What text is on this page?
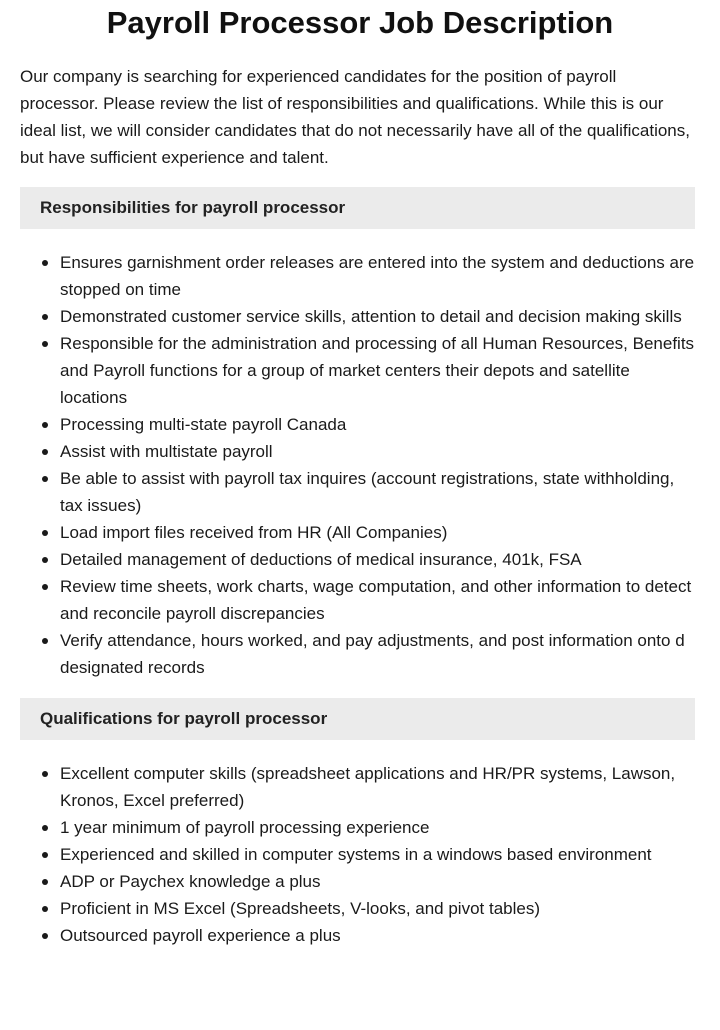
Payroll Processor Job Description

Our company is searching for experienced candidates for the position of payroll processor. Please review the list of responsibilities and qualifications. While this is our ideal list, we will consider candidates that do not necessarily have all of the qualifications, but have sufficient experience and talent.

Responsibilities for payroll processor
Ensures garnishment order releases are entered into the system and deductions are stopped on time
Demonstrated customer service skills, attention to detail and decision making skills
Responsible for the administration and processing of all Human Resources, Benefits and Payroll functions for a group of market centers their depots and satellite locations
Processing multi-state payroll Canada
Assist with multistate payroll
Be able to assist with payroll tax inquires (account registrations, state withholding, tax issues)
Load import files received from HR (All Companies)
Detailed management of deductions of medical insurance, 401k, FSA
Review time sheets, work charts, wage computation, and other information to detect and reconcile payroll discrepancies
Verify attendance, hours worked, and pay adjustments, and post information onto d designated records
Qualifications for payroll processor
Excellent computer skills (spreadsheet applications and HR/PR systems, Lawson, Kronos, Excel preferred)
1 year minimum of payroll processing experience
Experienced and skilled in computer systems in a windows based environment
ADP or Paychex knowledge a plus
Proficient in MS Excel (Spreadsheets, V-looks, and pivot tables)
Outsourced payroll experience a plus
